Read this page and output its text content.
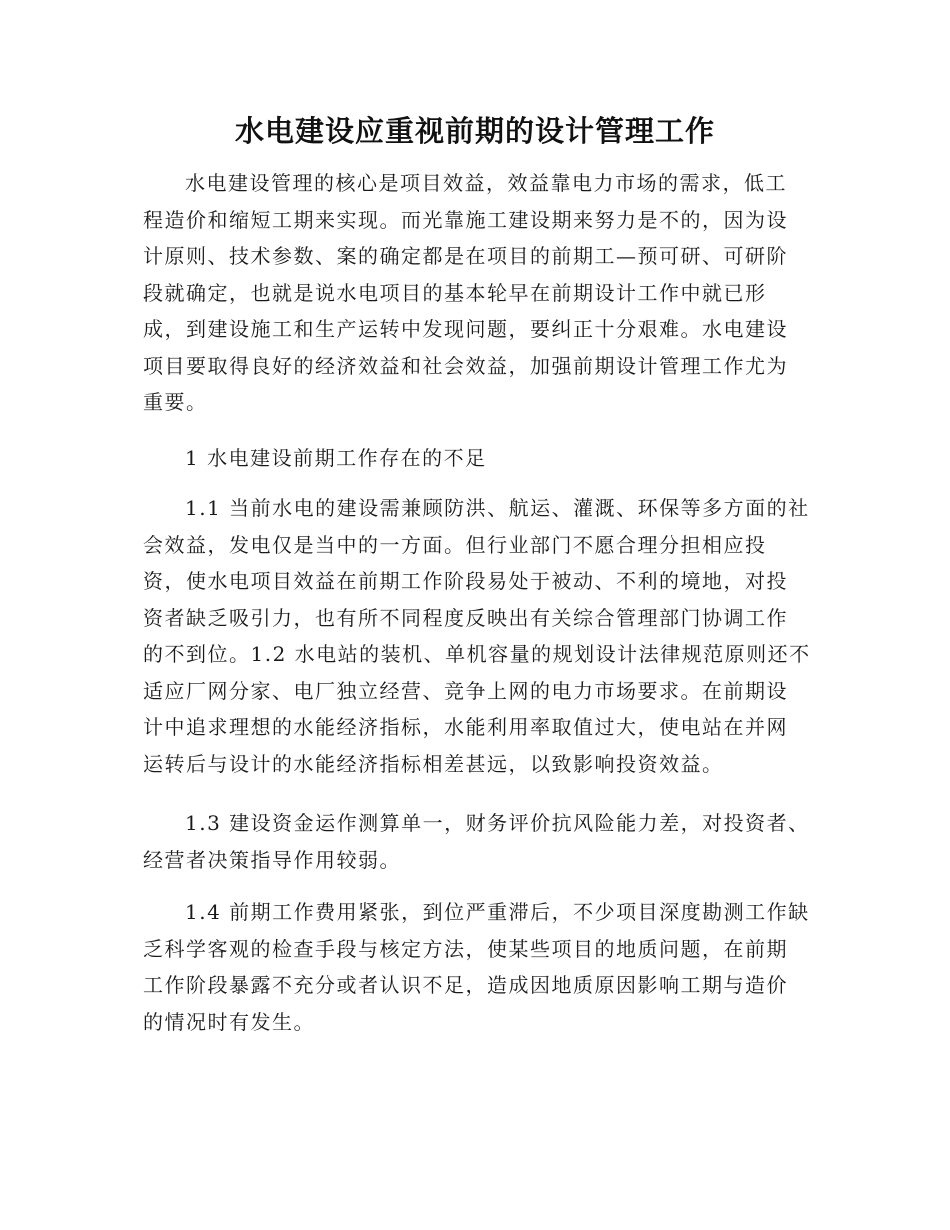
水电建设应重视前期的设计管理工作
水电建设管理的核心是项目效益，效益靠电力市场的需求，低工
程造价和缩短工期来实现。而光靠施工建设期来努力是不的，因为设
计原则、技术参数、案的确定都是在项目的前期工—预可研、可研阶
段就确定，也就是说水电项目的基本轮早在前期设计工作中就已形
成，到建设施工和生产运转中发现问题，要纠正十分艰难。水电建设
项目要取得良好的经济效益和社会效益，加强前期设计管理工作尤为
重要。
1 水电建设前期工作存在的不足
1.1 当前水电的建设需兼顾防洪、航运、灌溉、环保等多方面的社
会效益，发电仅是当中的一方面。但行业部门不愿合理分担相应投
资，使水电项目效益在前期工作阶段易处于被动、不利的境地，对投
资者缺乏吸引力，也有所不同程度反映出有关综合管理部门协调工作
的不到位。1.2 水电站的装机、单机容量的规划设计法律规范原则还不
适应厂网分家、电厂独立经营、竞争上网的电力市场要求。在前期设
计中追求理想的水能经济指标，水能利用率取值过大，使电站在并网
运转后与设计的水能经济指标相差甚远，以致影响投资效益。
1.3 建设资金运作测算单一，财务评价抗风险能力差，对投资者、
经营者决策指导作用较弱。
1.4 前期工作费用紧张，到位严重滞后，不少项目深度勘测工作缺
乏科学客观的检查手段与核定方法，使某些项目的地质问题，在前期
工作阶段暴露不充分或者认识不足，造成因地质原因影响工期与造价
的情况时有发生。
